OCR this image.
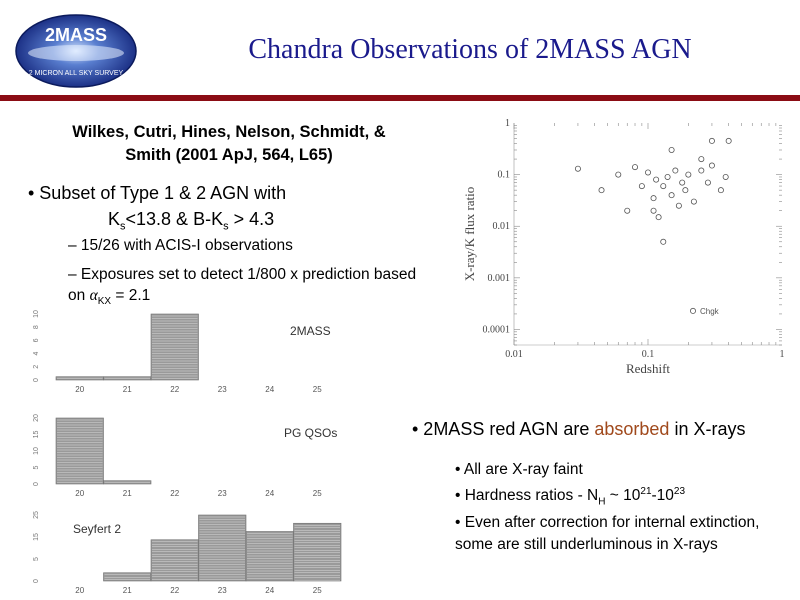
2MASS
2 MICRON ALL SKY SURVEY
Chandra Observations of 2MASS AGN
Wilkes, Cutri, Hines, Nelson, Schmidt, &
Smith (2001 ApJ, 564, L65)
• Subset of Type 1 & 2 AGN with
$K_s<13.8$ & $B-K_s > 4.3$
– 15/26 with ACIS-I observations
– Exposures set to detect 1/800 x prediction based on $\alpha_{KX} = 2.1$
0.01	0.1	1
1
0.1
0.01
0.001
0.0001
Redshift
X-ray/K flux ratio
Chgk
0
2
4
6
8
10
20	21	22	23	24	25
2MASS
0
5
10
15
20
20	21	22	23	24	25
PG QSOs
0
5
15
25
20	21	22	23	24	25
Seyfert 2
• 2MASS red AGN are absorbed in X-rays
• All are X-ray faint
• Hardness ratios - $N_H$ ~ $10^{21}-10^{23}$
• Even after correction for internal extinction, some are still underluminous in X-rays
